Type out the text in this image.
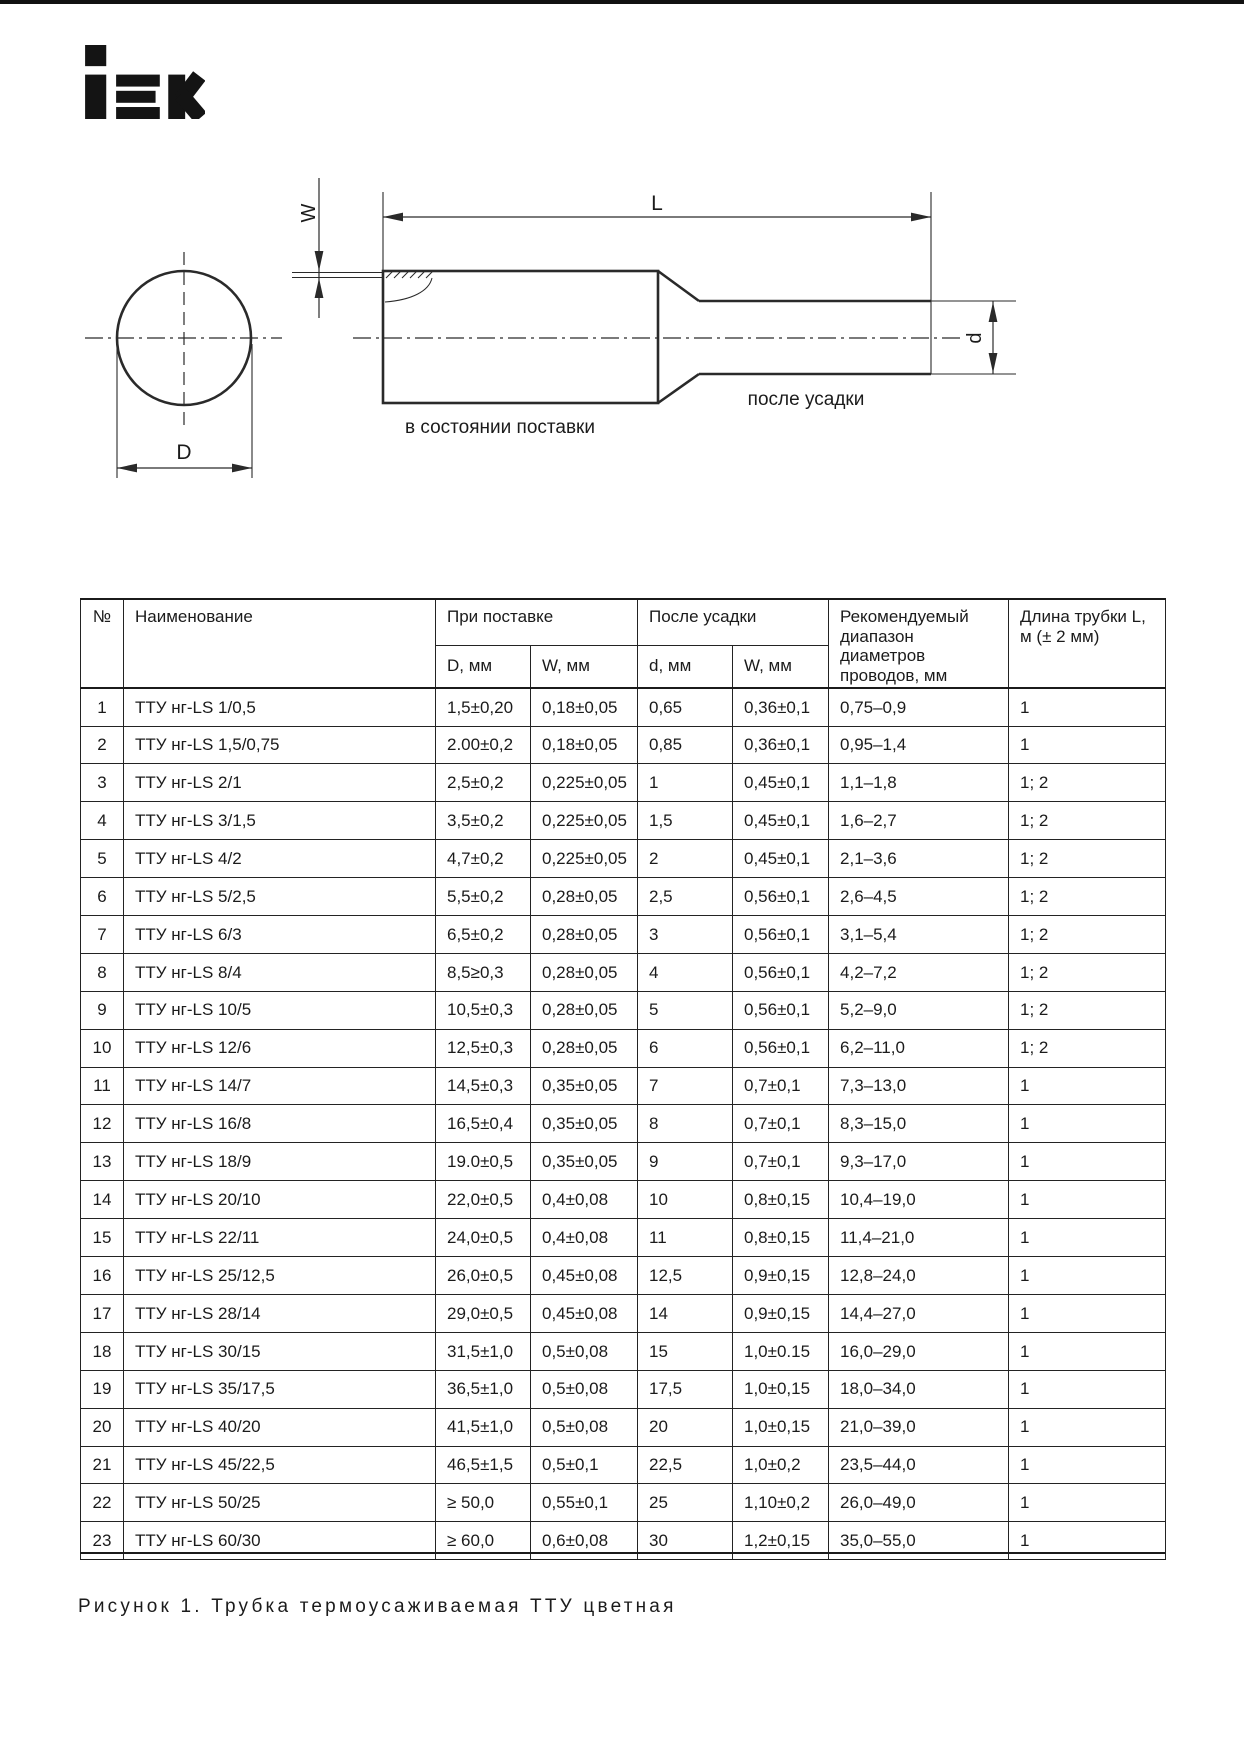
L
D
W
d
в состоянии поставки
после усадки
№	Наименование	При поставке		После усадки		Рекомендуемый диапазон диаметров проводов, мм	Длина трубки L, м (± 2 мм)
		D, мм	W, мм	d, мм	W, мм		
1	ТТУ нг-LS 1/0,5	1,5±0,20	0,18±0,05	0,65	0,36±0,1	0,75–0,9	1
2	ТТУ нг-LS 1,5/0,75	2.00±0,2	0,18±0,05	0,85	0,36±0,1	0,95–1,4	1
3	ТТУ нг-LS 2/1	2,5±0,2	0,225±0,05	1	0,45±0,1	1,1–1,8	1; 2
4	ТТУ нг-LS 3/1,5	3,5±0,2	0,225±0,05	1,5	0,45±0,1	1,6–2,7	1; 2
5	ТТУ нг-LS 4/2	4,7±0,2	0,225±0,05	2	0,45±0,1	2,1–3,6	1; 2
6	ТТУ нг-LS 5/2,5	5,5±0,2	0,28±0,05	2,5	0,56±0,1	2,6–4,5	1; 2
7	ТТУ нг-LS 6/3	6,5±0,2	0,28±0,05	3	0,56±0,1	3,1–5,4	1; 2
8	ТТУ нг-LS 8/4	8,5≥0,3	0,28±0,05	4	0,56±0,1	4,2–7,2	1; 2
9	ТТУ нг-LS 10/5	10,5±0,3	0,28±0,05	5	0,56±0,1	5,2–9,0	1; 2
10	ТТУ нг-LS 12/6	12,5±0,3	0,28±0,05	6	0,56±0,1	6,2–11,0	1; 2
11	ТТУ нг-LS 14/7	14,5±0,3	0,35±0,05	7	0,7±0,1	7,3–13,0	1
12	ТТУ нг-LS 16/8	16,5±0,4	0,35±0,05	8	0,7±0,1	8,3–15,0	1
13	ТТУ нг-LS 18/9	19.0±0,5	0,35±0,05	9	0,7±0,1	9,3–17,0	1
14	ТТУ нг-LS 20/10	22,0±0,5	0,4±0,08	10	0,8±0,15	10,4–19,0	1
15	ТТУ нг-LS 22/11	24,0±0,5	0,4±0,08	11	0,8±0,15	11,4–21,0	1
16	ТТУ нг-LS 25/12,5	26,0±0,5	0,45±0,08	12,5	0,9±0,15	12,8–24,0	1
17	ТТУ нг-LS 28/14	29,0±0,5	0,45±0,08	14	0,9±0,15	14,4–27,0	1
18	ТТУ нг-LS 30/15	31,5±1,0	0,5±0,08	15	1,0±0.15	16,0–29,0	1
19	ТТУ нг-LS 35/17,5	36,5±1,0	0,5±0,08	17,5	1,0±0,15	18,0–34,0	1
20	ТТУ нг-LS 40/20	41,5±1,0	0,5±0,08	20	1,0±0,15	21,0–39,0	1
21	ТТУ нг-LS 45/22,5	46,5±1,5	0,5±0,1	22,5	1,0±0,2	23,5–44,0	1
22	ТТУ нг-LS 50/25	≥ 50,0	0,55±0,1	25	1,10±0,2	26,0–49,0	1
23	ТТУ нг-LS 60/30	≥ 60,0	0,6±0,08	30	1,2±0,15	35,0–55,0	1
Рисунок 1. Трубка термоусаживаемая ТТУ цветная
